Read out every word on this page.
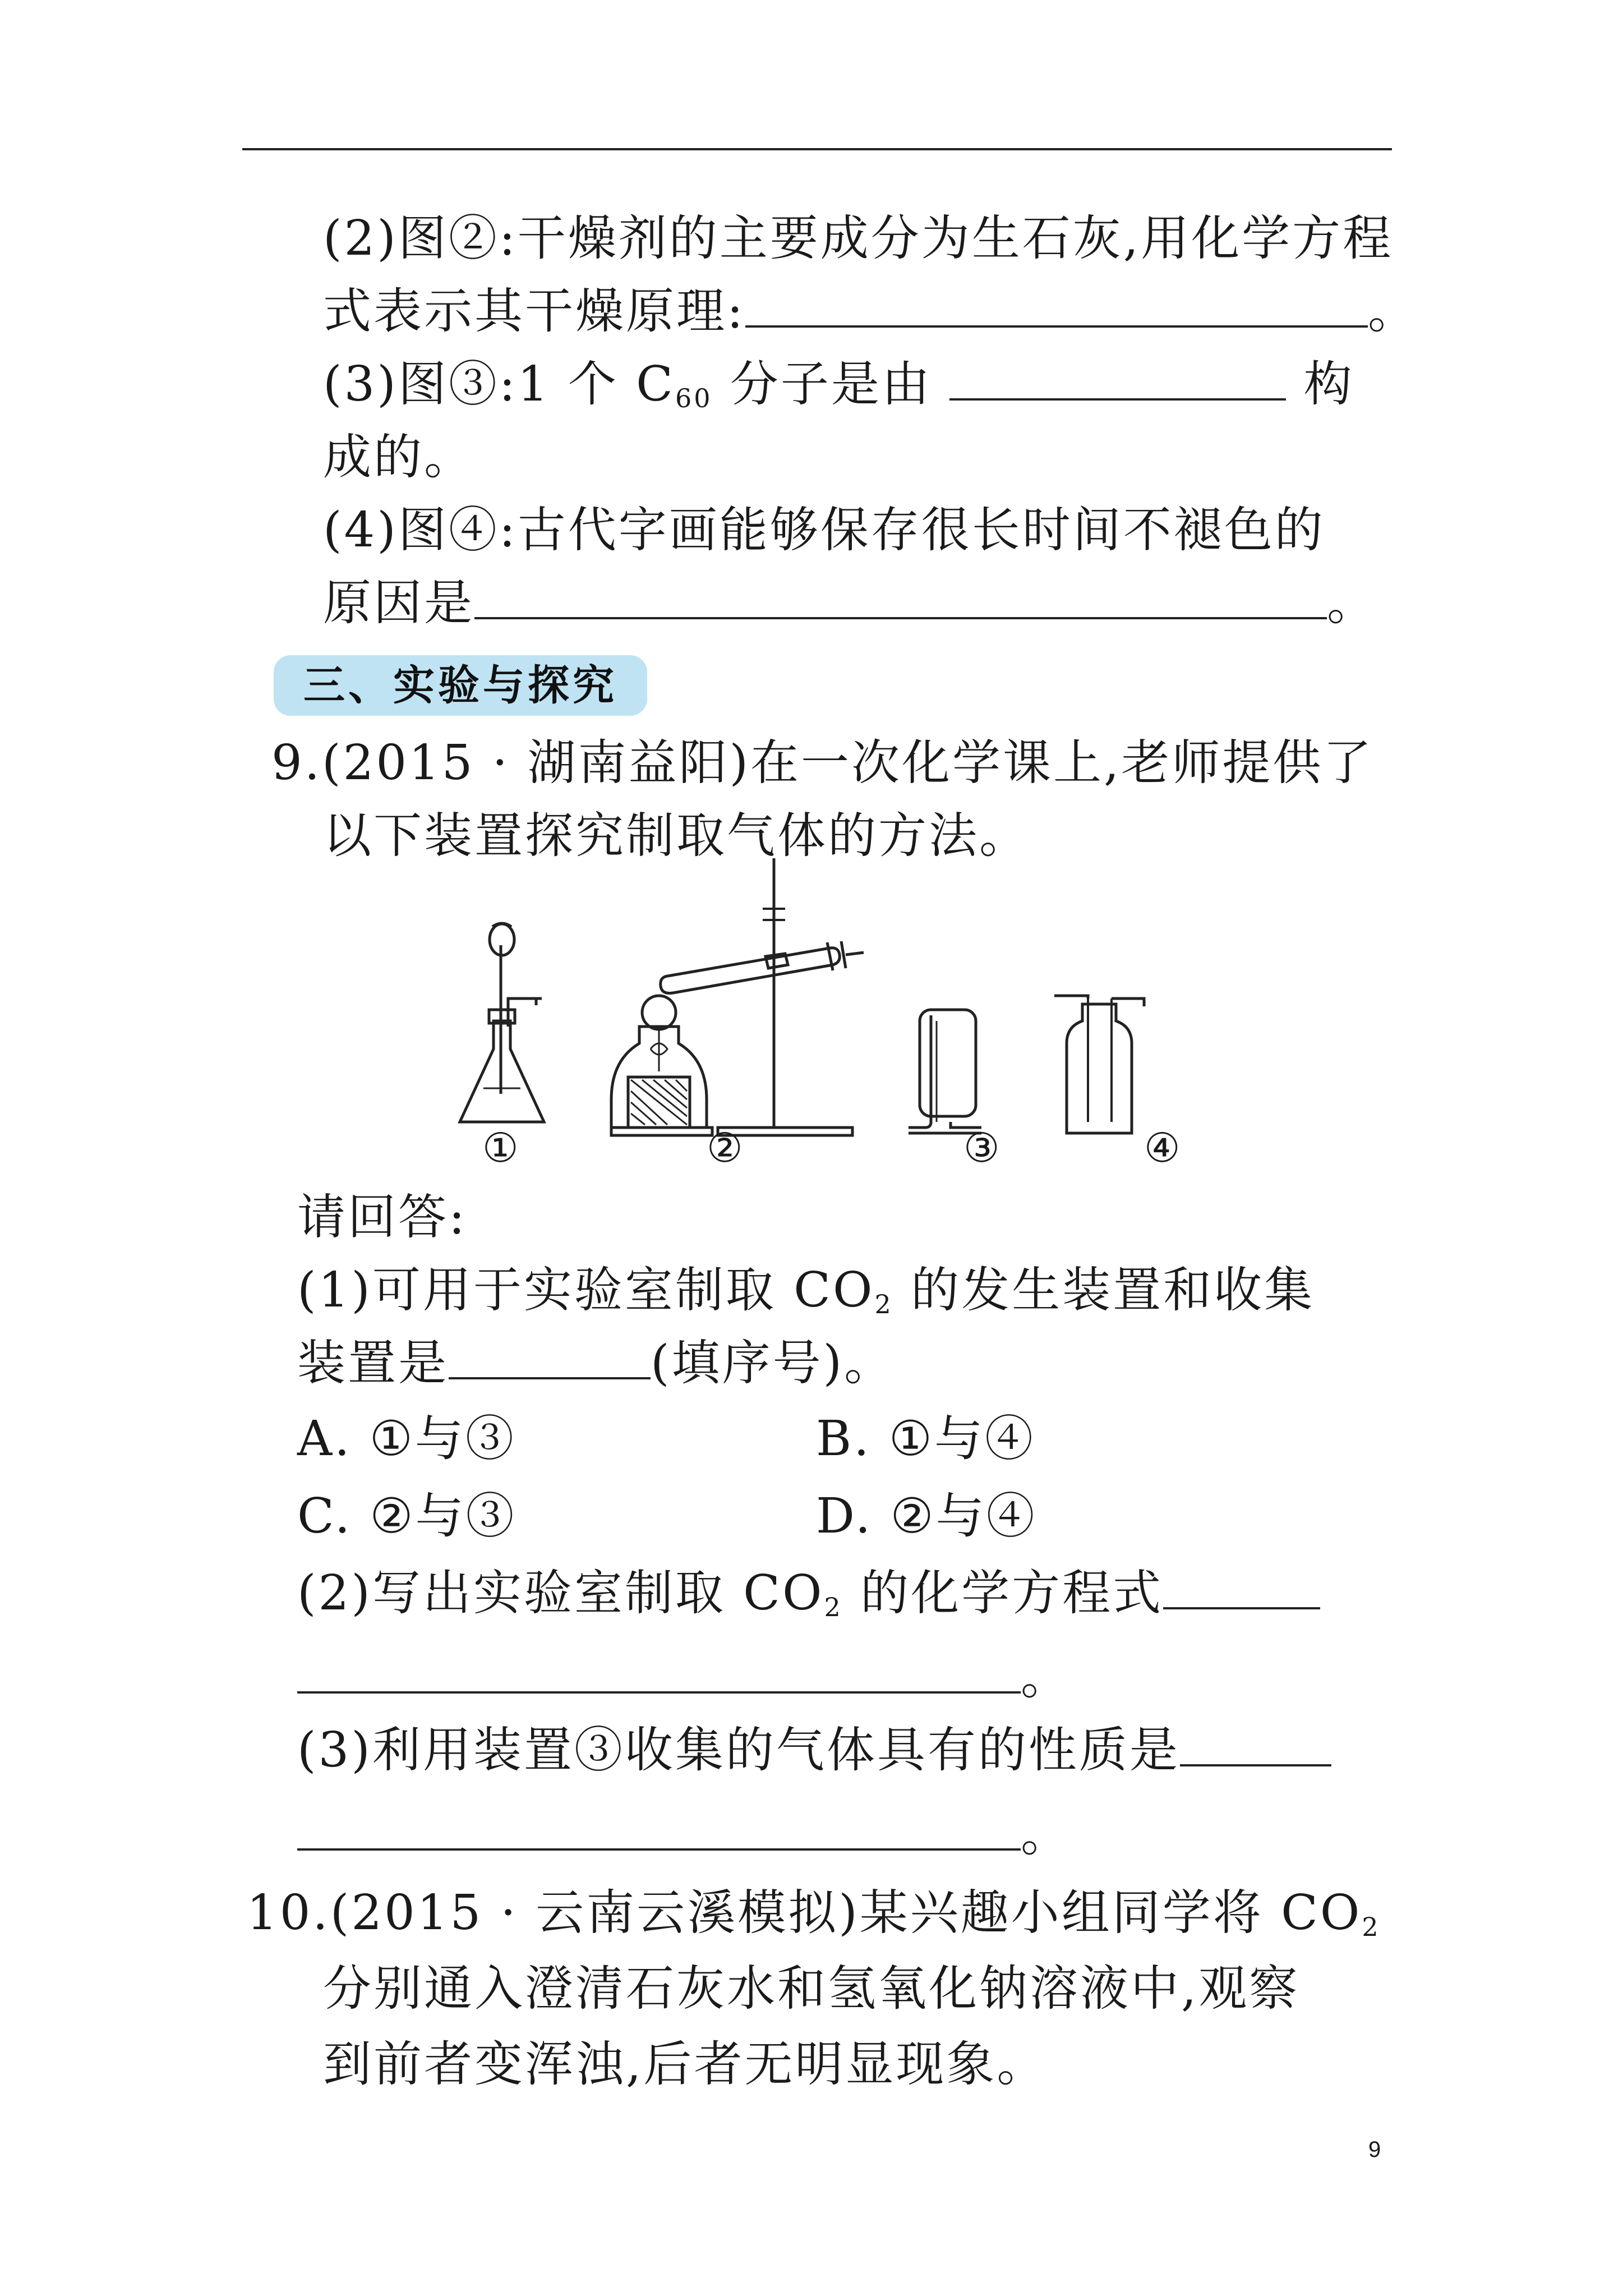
(2)图②:干燥剂的主要成分为生石灰,用化学方程
式表示其干燥原理:	。
(3)图③:1 个 $C_{60}$ 分子是由	构
成的。
(4)图④:古代字画能够保存很长时间不褪色的
原因是	。
三、实验与探究
9.(2015 · 湖南益阳)在一次化学课上,老师提供了
以下装置探究制取气体的方法。
①	②	③	④
请回答:
(1)可用于实验室制取 $CO_2$ 的发生装置和收集
装置是	(填序号)。
A. ①与③	B. ①与④
C. ②与③	D. ②与④
(2)写出实验室制取 $CO_2$ 的化学方程式
。
(3)利用装置③收集的气体具有的性质是
。
10.(2015 · 云南云溪模拟)某兴趣小组同学将 $CO_2$
分别通入澄清石灰水和氢氧化钠溶液中,观察
到前者变浑浊,后者无明显现象。
9
